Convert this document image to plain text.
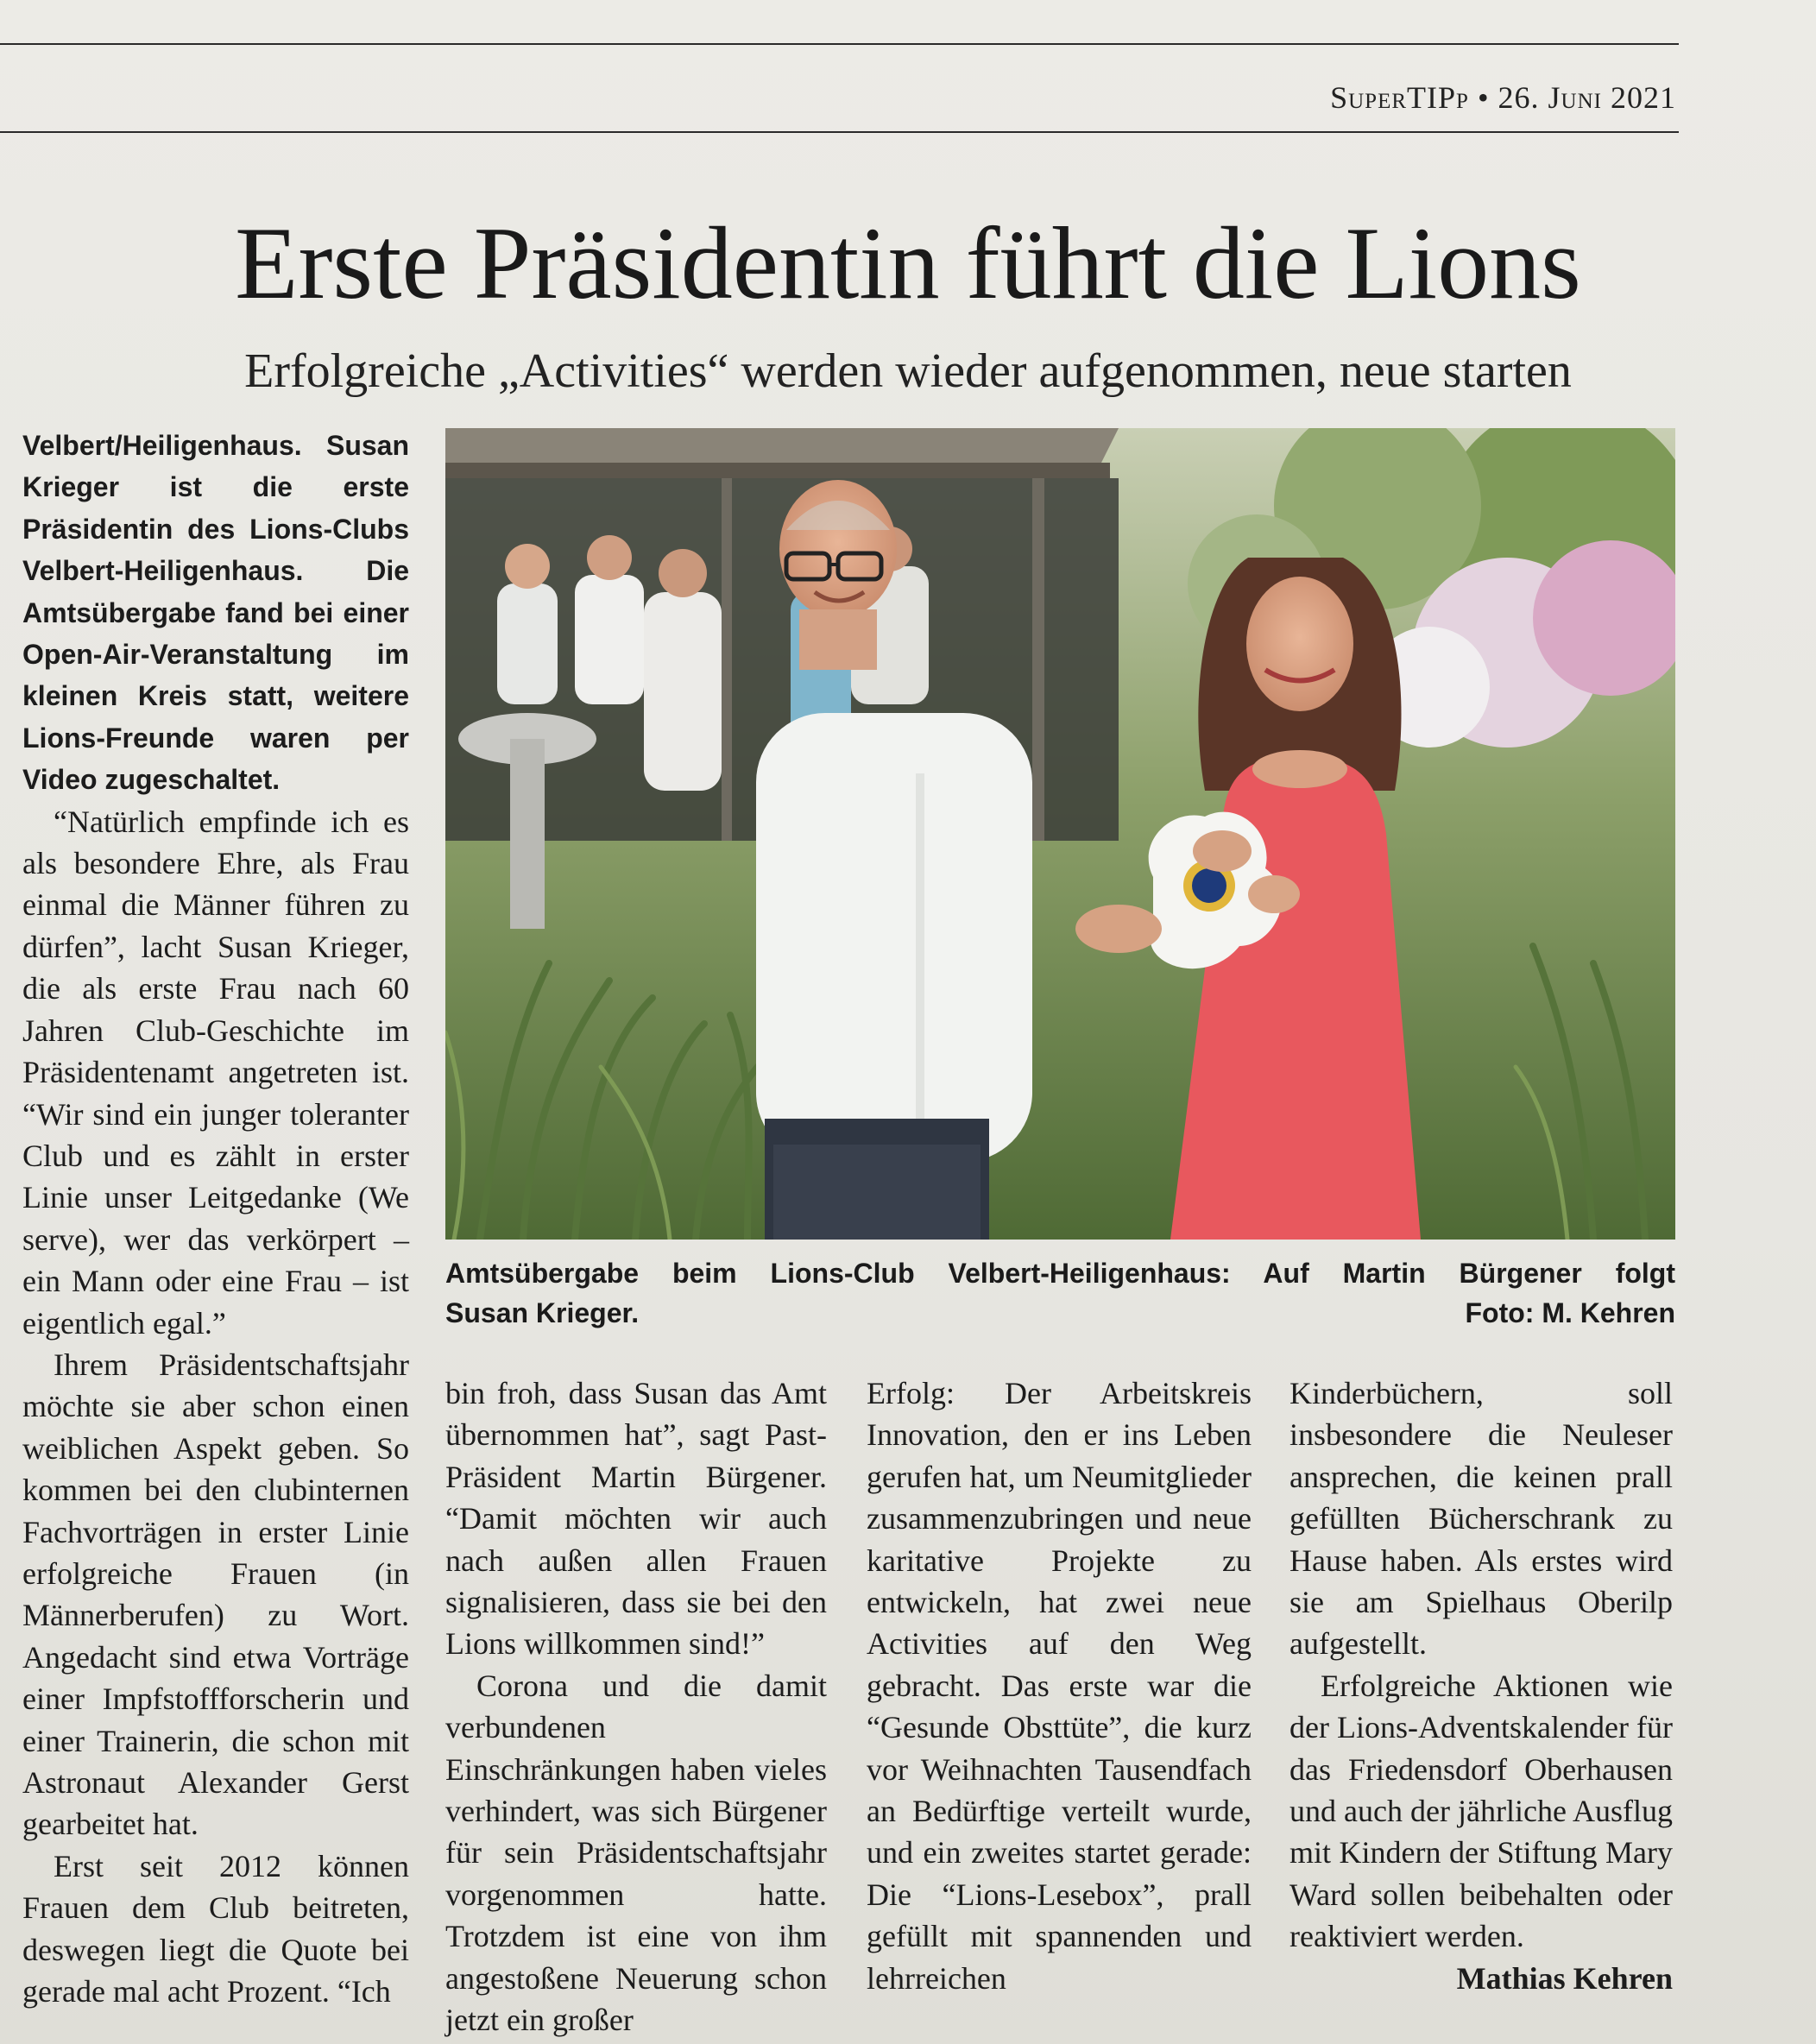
SuperTIPp • 26. Juni 2021
Erste Präsidentin führt die Lions
Erfolgreiche „Activities“ werden wieder aufgenommen, neue starten

Velbert/Heiligenhaus. Susan Krieger ist die erste Präsidentin des Lions-Clubs Velbert-Heiligenhaus. Die Amtsübergabe fand bei einer Open-Air-Veranstaltung im kleinen Kreis statt, weitere Lions-Freunde waren per Video zugeschaltet.

“Natürlich empfinde ich es als besondere Ehre, als Frau einmal die Männer führen zu dürfen”, lacht Susan Krieger, die als erste Frau nach 60 Jahren Club-Geschichte im Präsidentenamt angetreten ist. “Wir sind ein junger toleranter Club und es zählt in erster Linie unser Leitgedanke (We serve), wer das verkörpert – ein Mann oder eine Frau – ist eigentlich egal.”

Ihrem Präsidentschaftsjahr möchte sie aber schon einen weiblichen Aspekt geben. So kommen bei den clubinternen Fachvorträgen in erster Linie erfolgreiche Frauen (in Männerberufen) zu Wort. Angedacht sind etwa Vorträge einer Impfstoffforscherin und einer Trainerin, die schon mit Astronaut Alexander Gerst gearbeitet hat.

Erst seit 2012 können Frauen dem Club beitreten, deswegen liegt die Quote bei gerade mal acht Prozent. “Ich

Amtsübergabe beim Lions-Club Velbert-Heiligenhaus: Auf Martin Bürgener folgt
Susan Krieger.	Foto: M. Kehren

bin froh, dass Susan das Amt übernommen hat”, sagt Past-Präsident Martin Bürgener. “Damit möchten wir auch nach außen allen Frauen signalisieren, dass sie bei den Lions willkommen sind!”

Corona und die damit verbundenen Einschränkungen haben vieles verhindert, was sich Bürgener für sein Präsidentschaftsjahr vorgenommen hatte. Trotzdem ist eine von ihm angestoßene Neuerung schon jetzt ein großer

Erfolg: Der Arbeitskreis Innovation, den er ins Leben gerufen hat, um Neumitglieder zusammenzubringen und neue karitative Projekte zu entwickeln, hat zwei neue Activities auf den Weg gebracht. Das erste war die “Gesunde Obsttüte”, die kurz vor Weihnachten Tausendfach an Bedürftige verteilt wurde, und ein zweites startet gerade: Die “Lions-Lesebox”, prall gefüllt mit spannenden und lehrreichen

Kinderbüchern, soll insbesondere die Neuleser ansprechen, die keinen prall gefüllten Bücherschrank zu Hause haben. Als erstes wird sie am Spielhaus Oberilp aufgestellt.

Erfolgreiche Aktionen wie der Lions-Adventskalender für das Friedensdorf Oberhausen und auch der jährliche Ausflug mit Kindern der Stiftung Mary Ward sollen beibehalten oder reaktiviert werden.
Mathias Kehren
